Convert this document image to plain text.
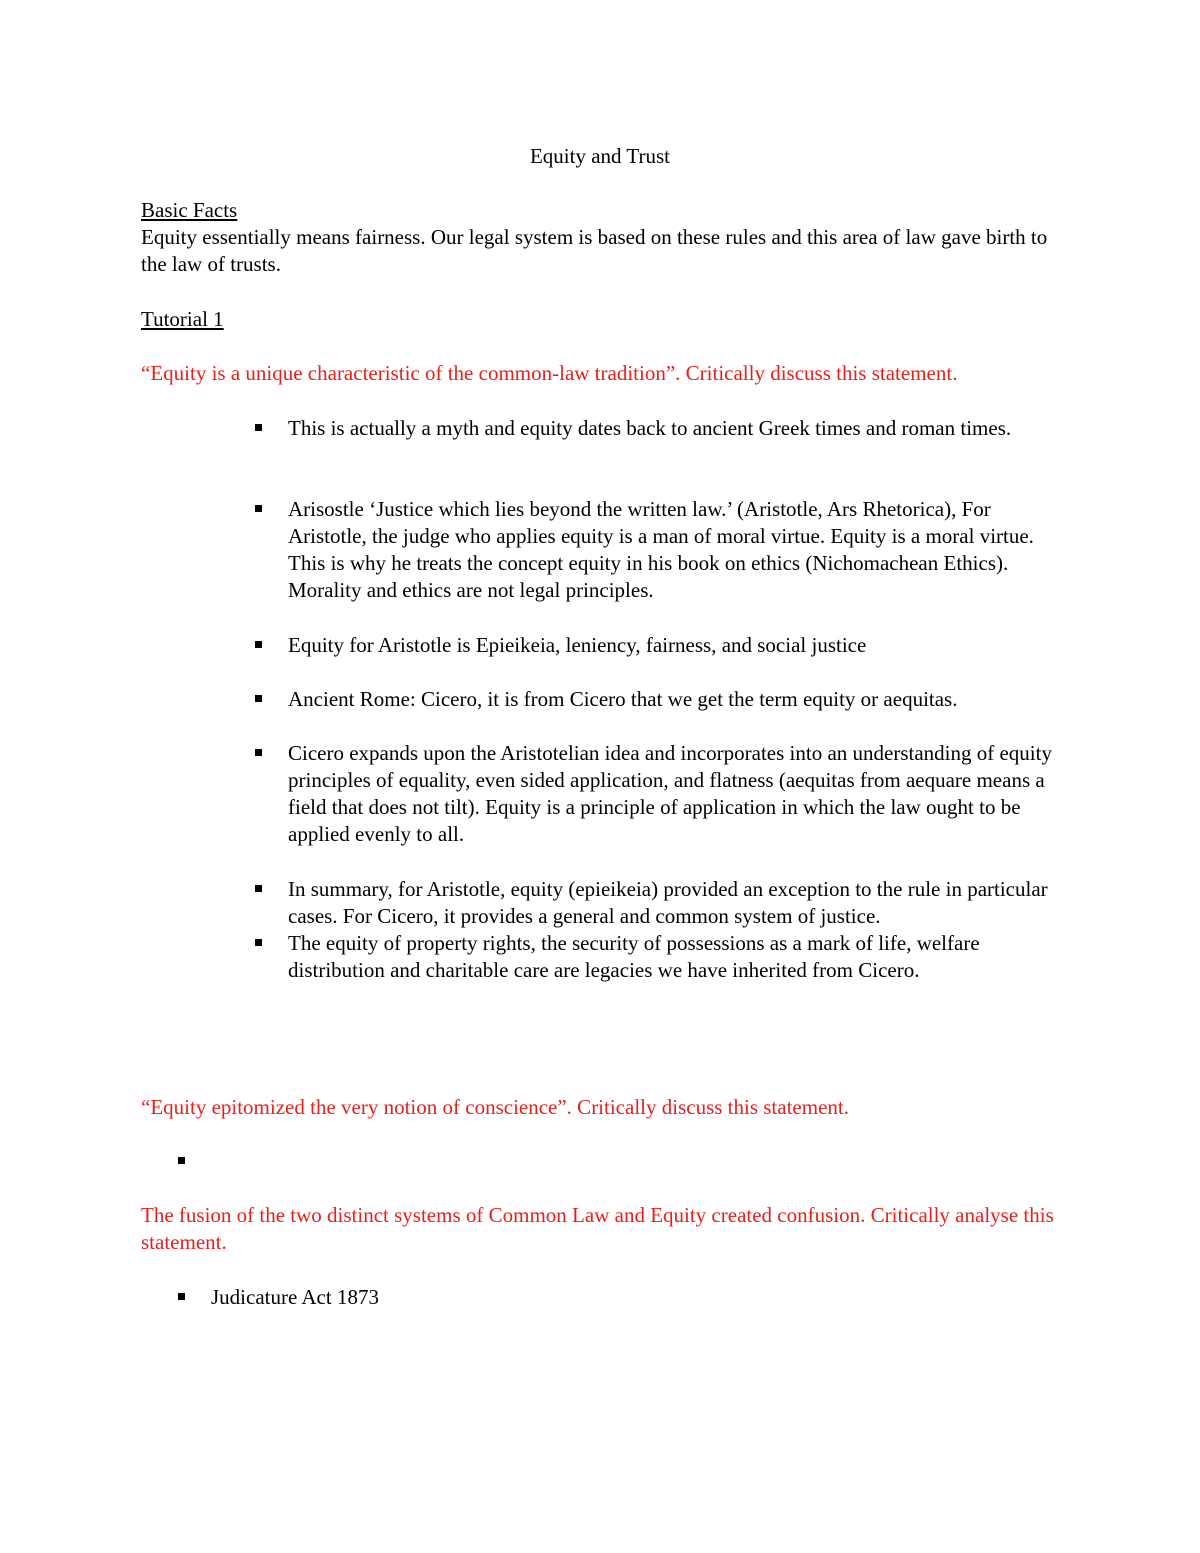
Equity and Trust
Basic Facts
Equity essentially means fairness. Our legal system is based on these rules and this area of law gave birth to the law of trusts.
Tutorial 1
“Equity is a unique characteristic of the common-law tradition”. Critically discuss this statement.
This is actually a myth and equity dates back to ancient Greek times and roman times.
Arisostle ‘Justice which lies beyond the written law.’ (Aristotle, Ars Rhetorica), For Aristotle, the judge who applies equity is a man of moral virtue. Equity is a moral virtue. This is why he treats the concept equity in his book on ethics (Nichomachean Ethics). Morality and ethics are not legal principles.
Equity for Aristotle is Epieikeia, leniency, fairness, and social justice
Ancient Rome: Cicero, it is from Cicero that we get the term equity or aequitas.
Cicero expands upon the Aristotelian idea and incorporates into an understanding of equity principles of equality, even sided application, and flatness (aequitas from aequare means a field that does not tilt). Equity is a principle of application in which the law ought to be applied evenly to all.
In summary, for Aristotle, equity (epieikeia) provided an exception to the rule in particular cases. For Cicero, it provides a general and common system of justice.
The equity of property rights, the security of possessions as a mark of life, welfare distribution and charitable care are legacies we have inherited from Cicero.
“Equity epitomized the very notion of conscience”. Critically discuss this statement.
The fusion of the two distinct systems of Common Law and Equity created confusion. Critically analyse this statement.
Judicature Act 1873
